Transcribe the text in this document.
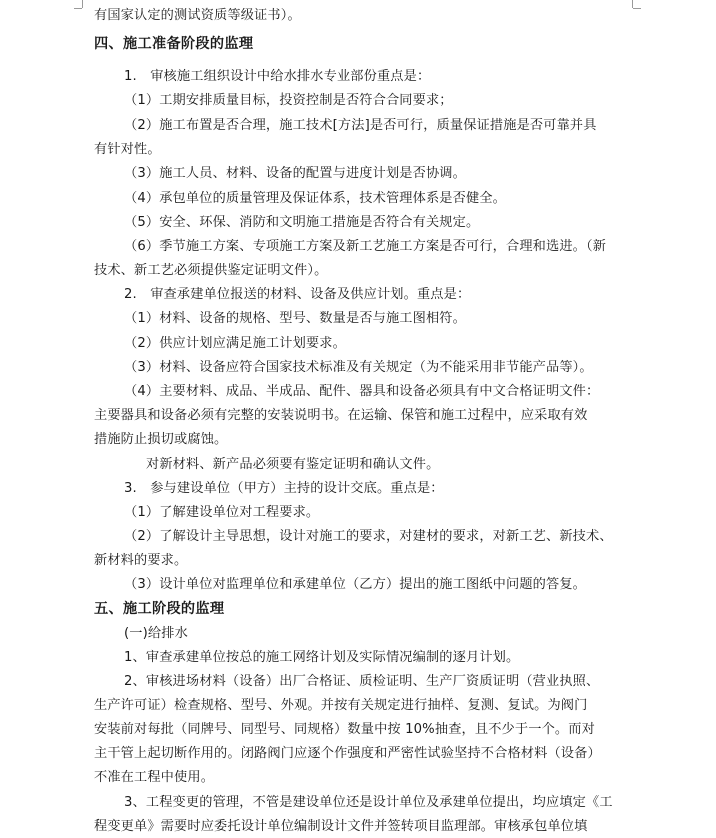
有国家认定的测试资质等级证书）。
四、施工准备阶段的监理
1.　审核施工组织设计中给水排水专业部份重点是：
（1）工期安排质量目标，投资控制是否符合合同要求；
（2）施工布置是否合理，施工技术[方法]是否可行，质量保证措施是否可靠并具
有针对性。
（3）施工人员、材料、设备的配置与进度计划是否协调。
（4）承包单位的质量管理及保证体系，技术管理体系是否健全。
（5）安全、环保、消防和文明施工措施是否符合有关规定。
（6）季节施工方案、专项施工方案及新工艺施工方案是否可行，合理和选进。（新
技术、新工艺必须提供鉴定证明文件）。
2.　审查承建单位报送的材料、设备及供应计划。重点是：
（1）材料、设备的规格、型号、数量是否与施工图相符。
（2）供应计划应满足施工计划要求。
（3）材料、设备应符合国家技术标准及有关规定（为不能采用非节能产品等）。
（4）主要材料、成品、半成品、配件、器具和设备必须具有中文合格证明文件：
主要器具和设备必须有完整的安装说明书。在运输、保管和施工过程中，应采取有效
措施防止损切或腐蚀。
对新材料、新产品必须要有鉴定证明和确认文件。
3.　参与建设单位（甲方）主持的设计交底。重点是：
（1）了解建设单位对工程要求。
（2）了解设计主导思想，设计对施工的要求，对建材的要求，对新工艺、新技术、
新材料的要求。
（3）设计单位对监理单位和承建单位（乙方）提出的施工图纸中问题的答复。
五、施工阶段的监理
(一)给排水
1、审查承建单位按总的施工网络计划及实际情况编制的逐月计划。
2、审核进场材料（设备）出厂合格证、质检证明、生产厂资质证明（营业执照、
生产许可证）检查规格、型号、外观。并按有关规定进行抽样、复测、复试。为阀门
安装前对每批（同牌号、同型号、同规格）数量中按 10%抽查，且不少于一个。而对
主干管上起切断作用的。闭路阀门应逐个作强度和严密性试验坚持不合格材料（设备）
不准在工程中使用。
3、工程变更的管理，不管是建设单位还是设计单位及承建单位提出，均应填定《工
程变更单》需要时应委托设计单位编制设计文件并签转项目监理部。审核承包单位填
